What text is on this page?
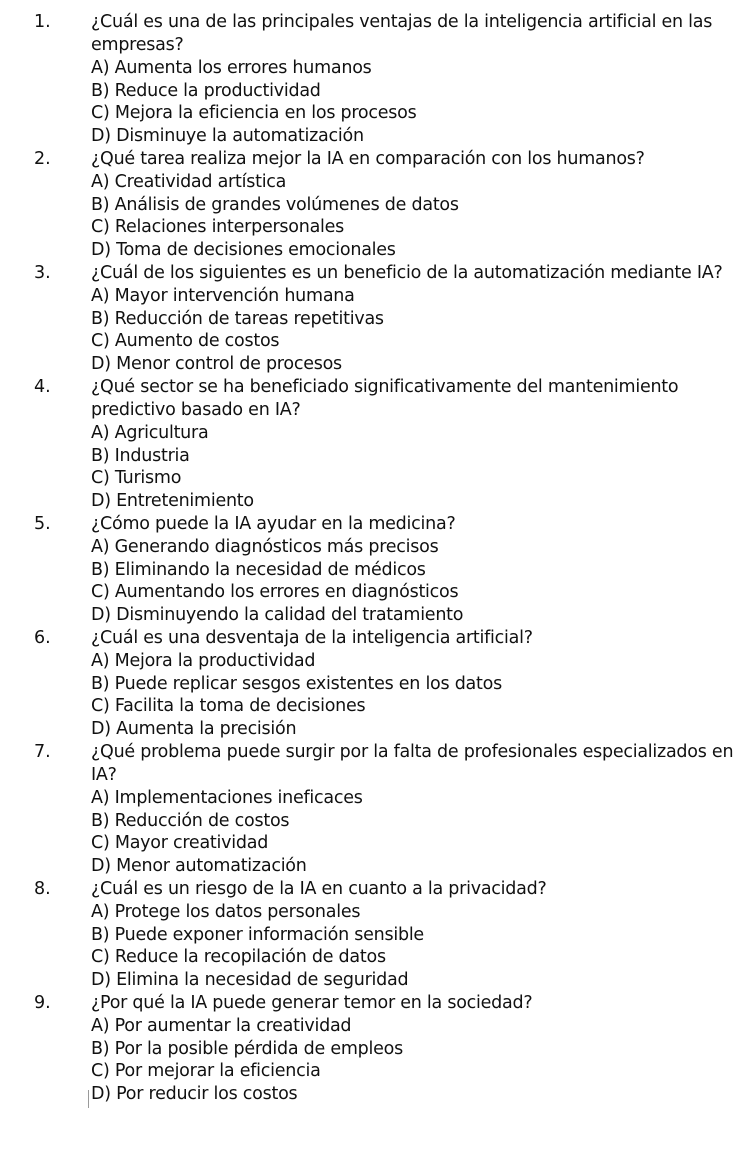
1. ¿Cuál es una de las principales ventajas de la inteligencia artificial en las empresas?
A) Aumenta los errores humanos
B) Reduce la productividad
C) Mejora la eficiencia en los procesos
D) Disminuye la automatización
2. ¿Qué tarea realiza mejor la IA en comparación con los humanos?
A) Creatividad artística
B) Análisis de grandes volúmenes de datos
C) Relaciones interpersonales
D) Toma de decisiones emocionales
3. ¿Cuál de los siguientes es un beneficio de la automatización mediante IA?
A) Mayor intervención humana
B) Reducción de tareas repetitivas
C) Aumento de costos
D) Menor control de procesos
4. ¿Qué sector se ha beneficiado significativamente del mantenimiento predictivo basado en IA?
A) Agricultura
B) Industria
C) Turismo
D) Entretenimiento
5. ¿Cómo puede la IA ayudar en la medicina?
A) Generando diagnósticos más precisos
B) Eliminando la necesidad de médicos
C) Aumentando los errores en diagnósticos
D) Disminuyendo la calidad del tratamiento
6. ¿Cuál es una desventaja de la inteligencia artificial?
A) Mejora la productividad
B) Puede replicar sesgos existentes en los datos
C) Facilita la toma de decisiones
D) Aumenta la precisión
7. ¿Qué problema puede surgir por la falta de profesionales especializados en IA?
A) Implementaciones ineficaces
B) Reducción de costos
C) Mayor creatividad
D) Menor automatización
8. ¿Cuál es un riesgo de la IA en cuanto a la privacidad?
A) Protege los datos personales
B) Puede exponer información sensible
C) Reduce la recopilación de datos
D) Elimina la necesidad de seguridad
9. ¿Por qué la IA puede generar temor en la sociedad?
A) Por aumentar la creatividad
B) Por la posible pérdida de empleos
C) Por mejorar la eficiencia
D) Por reducir los costos
